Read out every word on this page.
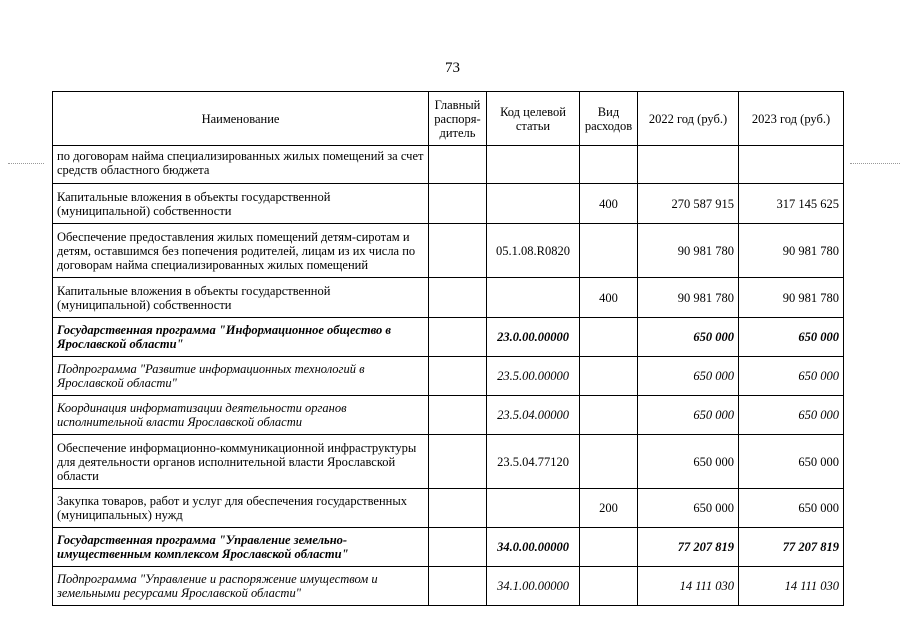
73
Наименование	Главный распоря-дитель	Код целевой статьи	Вид расходов	2022 год (руб.)	2023 год (руб.)
по договорам найма специализированных жилых помещений за счет средств областного бюджета					
Капитальные вложения в объекты государственной (муниципальной) собственности			400	270 587 915	317 145 625
Обеспечение предоставления жилых помещений детям-сиротам и детям, оставшимся без попечения родителей, лицам из их числа по договорам найма специализированных жилых помещений		05.1.08.R0820		90 981 780	90 981 780
Капитальные вложения в объекты государственной (муниципальной) собственности			400	90 981 780	90 981 780
Государственная программа "Информационное общество в Ярославской области"		23.0.00.00000		650 000	650 000
Подпрограмма "Развитие информационных технологий в Ярославской области"		23.5.00.00000		650 000	650 000
Координация информатизации деятельности органов исполнительной власти Ярославской области		23.5.04.00000		650 000	650 000
Обеспечение информационно-коммуникационной инфраструктуры для деятельности органов исполнительной власти Ярославской области		23.5.04.77120		650 000	650 000
Закупка товаров, работ и услуг для обеспечения государственных (муниципальных) нужд			200	650 000	650 000
Государственная программа "Управление земельно-имущественным комплексом Ярославской области"		34.0.00.00000		77 207 819	77 207 819
Подпрограмма "Управление и распоряжение имуществом и земельными ресурсами Ярославской области"		34.1.00.00000		14 111 030	14 111 030
